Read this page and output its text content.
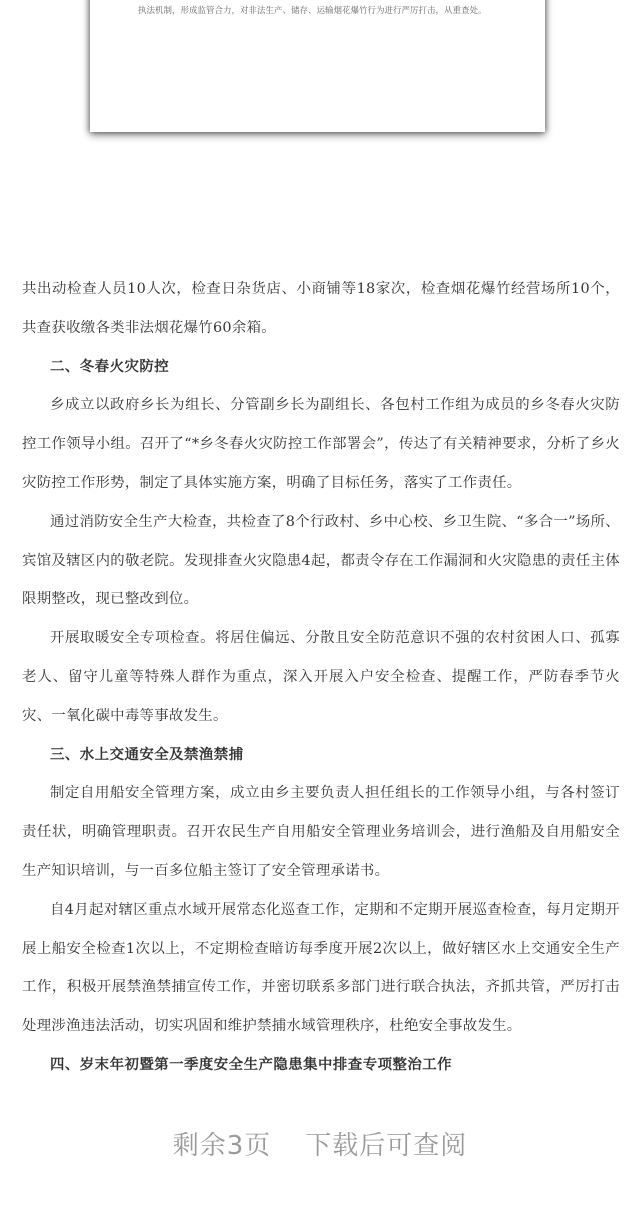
执法机制，形成监管合力，对非法生产、储存、运输烟花爆竹行为进行严厉打击，从重查处。

共出动检查人员10人次，检查日杂货店、小商铺等18家次，检查烟花爆竹经营场所10个，共查获收缴各类非法烟花爆竹60余箱。

二、冬春火灾防控

乡成立以政府乡长为组长、分管副乡长为副组长、各包村工作组为成员的乡冬春火灾防控工作领导小组。召开了“*乡冬春火灾防控工作部署会”，传达了有关精神要求，分析了乡火灾防控工作形势，制定了具体实施方案，明确了目标任务，落实了工作责任。

通过消防安全生产大检查，共检查了8个行政村、乡中心校、乡卫生院、“多合一”场所、宾馆及辖区内的敬老院。发现排查火灾隐患4起，都责令存在工作漏洞和火灾隐患的责任主体限期整改，现已整改到位。

开展取暖安全专项检查。将居住偏远、分散且安全防范意识不强的农村贫困人口、孤寡老人、留守儿童等特殊人群作为重点，深入开展入户安全检查、提醒工作，严防春季节火灾、一氧化碳中毒等事故发生。

三、水上交通安全及禁渔禁捕

制定自用船安全管理方案，成立由乡主要负责人担任组长的工作领导小组，与各村签订责任状，明确管理职责。召开农民生产自用船安全管理业务培训会，进行渔船及自用船安全生产知识培训，与一百多位船主签订了安全管理承诺书。

自4月起对辖区重点水域开展常态化巡查工作，定期和不定期开展巡查检查，每月定期开展上船安全检查1次以上，不定期检查暗访每季度开展2次以上，做好辖区水上交通安全生产工作，积极开展禁渔禁捕宣传工作，并密切联系多部门进行联合执法，齐抓共管，严厉打击处理涉渔违法活动，切实巩固和维护禁捕水域管理秩序，杜绝安全事故发生。

四、岁末年初暨第一季度安全生产隐患集中排查专项整治工作

剩余3页 下载后可查阅
